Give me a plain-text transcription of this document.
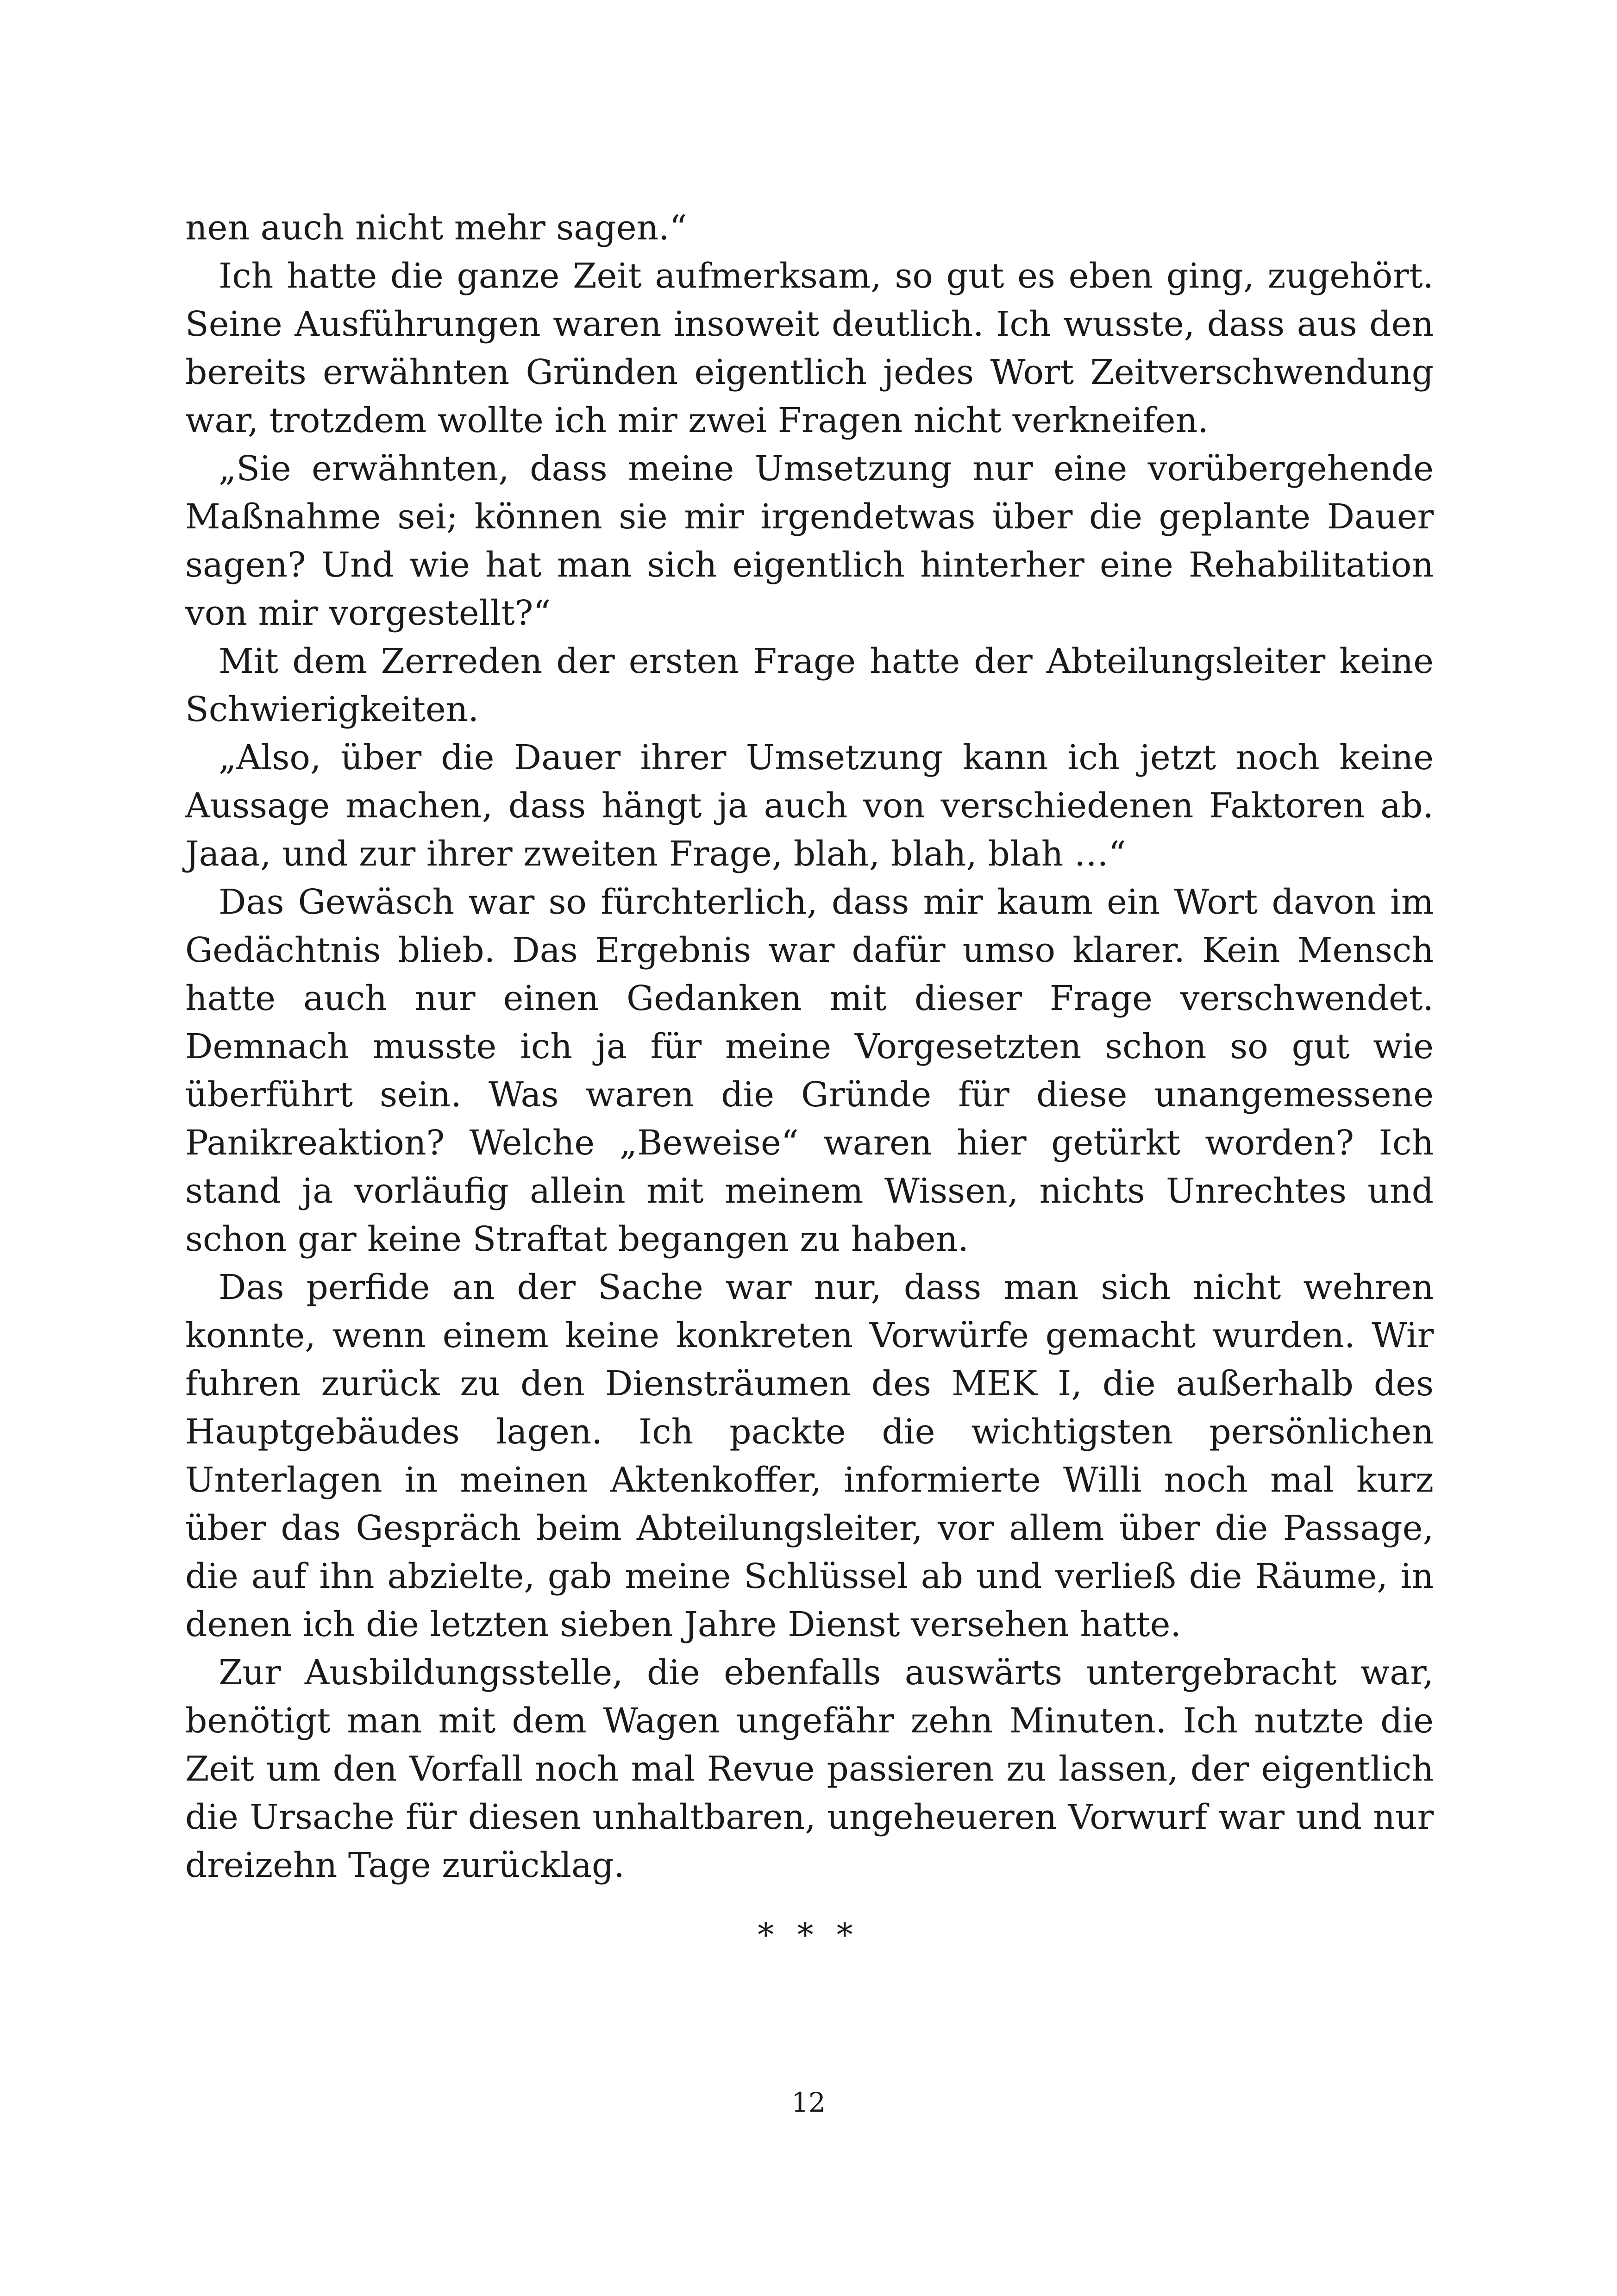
nen auch nicht mehr sagen.“

Ich hatte die ganze Zeit aufmerksam, so gut es eben ging, zugehört. Seine Ausführungen waren insoweit deutlich. Ich wusste, dass aus den bereits erwähnten Gründen eigentlich jedes Wort Zeitverschwendung war, trotzdem wollte ich mir zwei Fragen nicht verkneifen.

„Sie erwähnten, dass meine Umsetzung nur eine vorübergehende Maßnahme sei; können sie mir irgendetwas über die geplante Dauer sagen? Und wie hat man sich eigentlich hinterher eine Rehabilitation von mir vorgestellt?“

Mit dem Zerreden der ersten Frage hatte der Abteilungsleiter keine Schwierigkeiten.

„Also, über die Dauer ihrer Umsetzung kann ich jetzt noch keine Aussage machen, dass hängt ja auch von verschiedenen Faktoren ab. Jaaa, und zur ihrer zweiten Frage, blah, blah, blah …“

Das Gewäsch war so fürchterlich, dass mir kaum ein Wort davon im Gedächtnis blieb. Das Ergebnis war dafür umso klarer. Kein Mensch hatte auch nur einen Gedanken mit dieser Frage verschwendet. Demnach musste ich ja für meine Vorgesetzten schon so gut wie überführt sein. Was waren die Gründe für diese unangemessene Panikreaktion? Welche „Beweise“ waren hier getürkt worden? Ich stand ja vorläufig allein mit meinem Wissen, nichts Unrechtes und schon gar keine Straftat begangen zu haben.

Das perfide an der Sache war nur, dass man sich nicht wehren konnte, wenn einem keine konkreten Vorwürfe gemacht wurden. Wir fuhren zurück zu den Diensträumen des MEK I, die außerhalb des Hauptgebäudes lagen. Ich packte die wichtigsten persönlichen Unterlagen in meinen Aktenkoffer, informierte Willi noch mal kurz über das Gespräch beim Abteilungsleiter, vor allem über die Passage, die auf ihn abzielte, gab meine Schlüssel ab und verließ die Räume, in denen ich die letzten sieben Jahre Dienst versehen hatte.

Zur Ausbildungsstelle, die ebenfalls auswärts untergebracht war, benötigt man mit dem Wagen ungefähr zehn Minuten. Ich nutzte die Zeit um den Vorfall noch mal Revue passieren zu lassen, der eigentlich die Ursache für diesen unhaltbaren, ungeheueren Vorwurf war und nur dreizehn Tage zurücklag.

* * *
12
